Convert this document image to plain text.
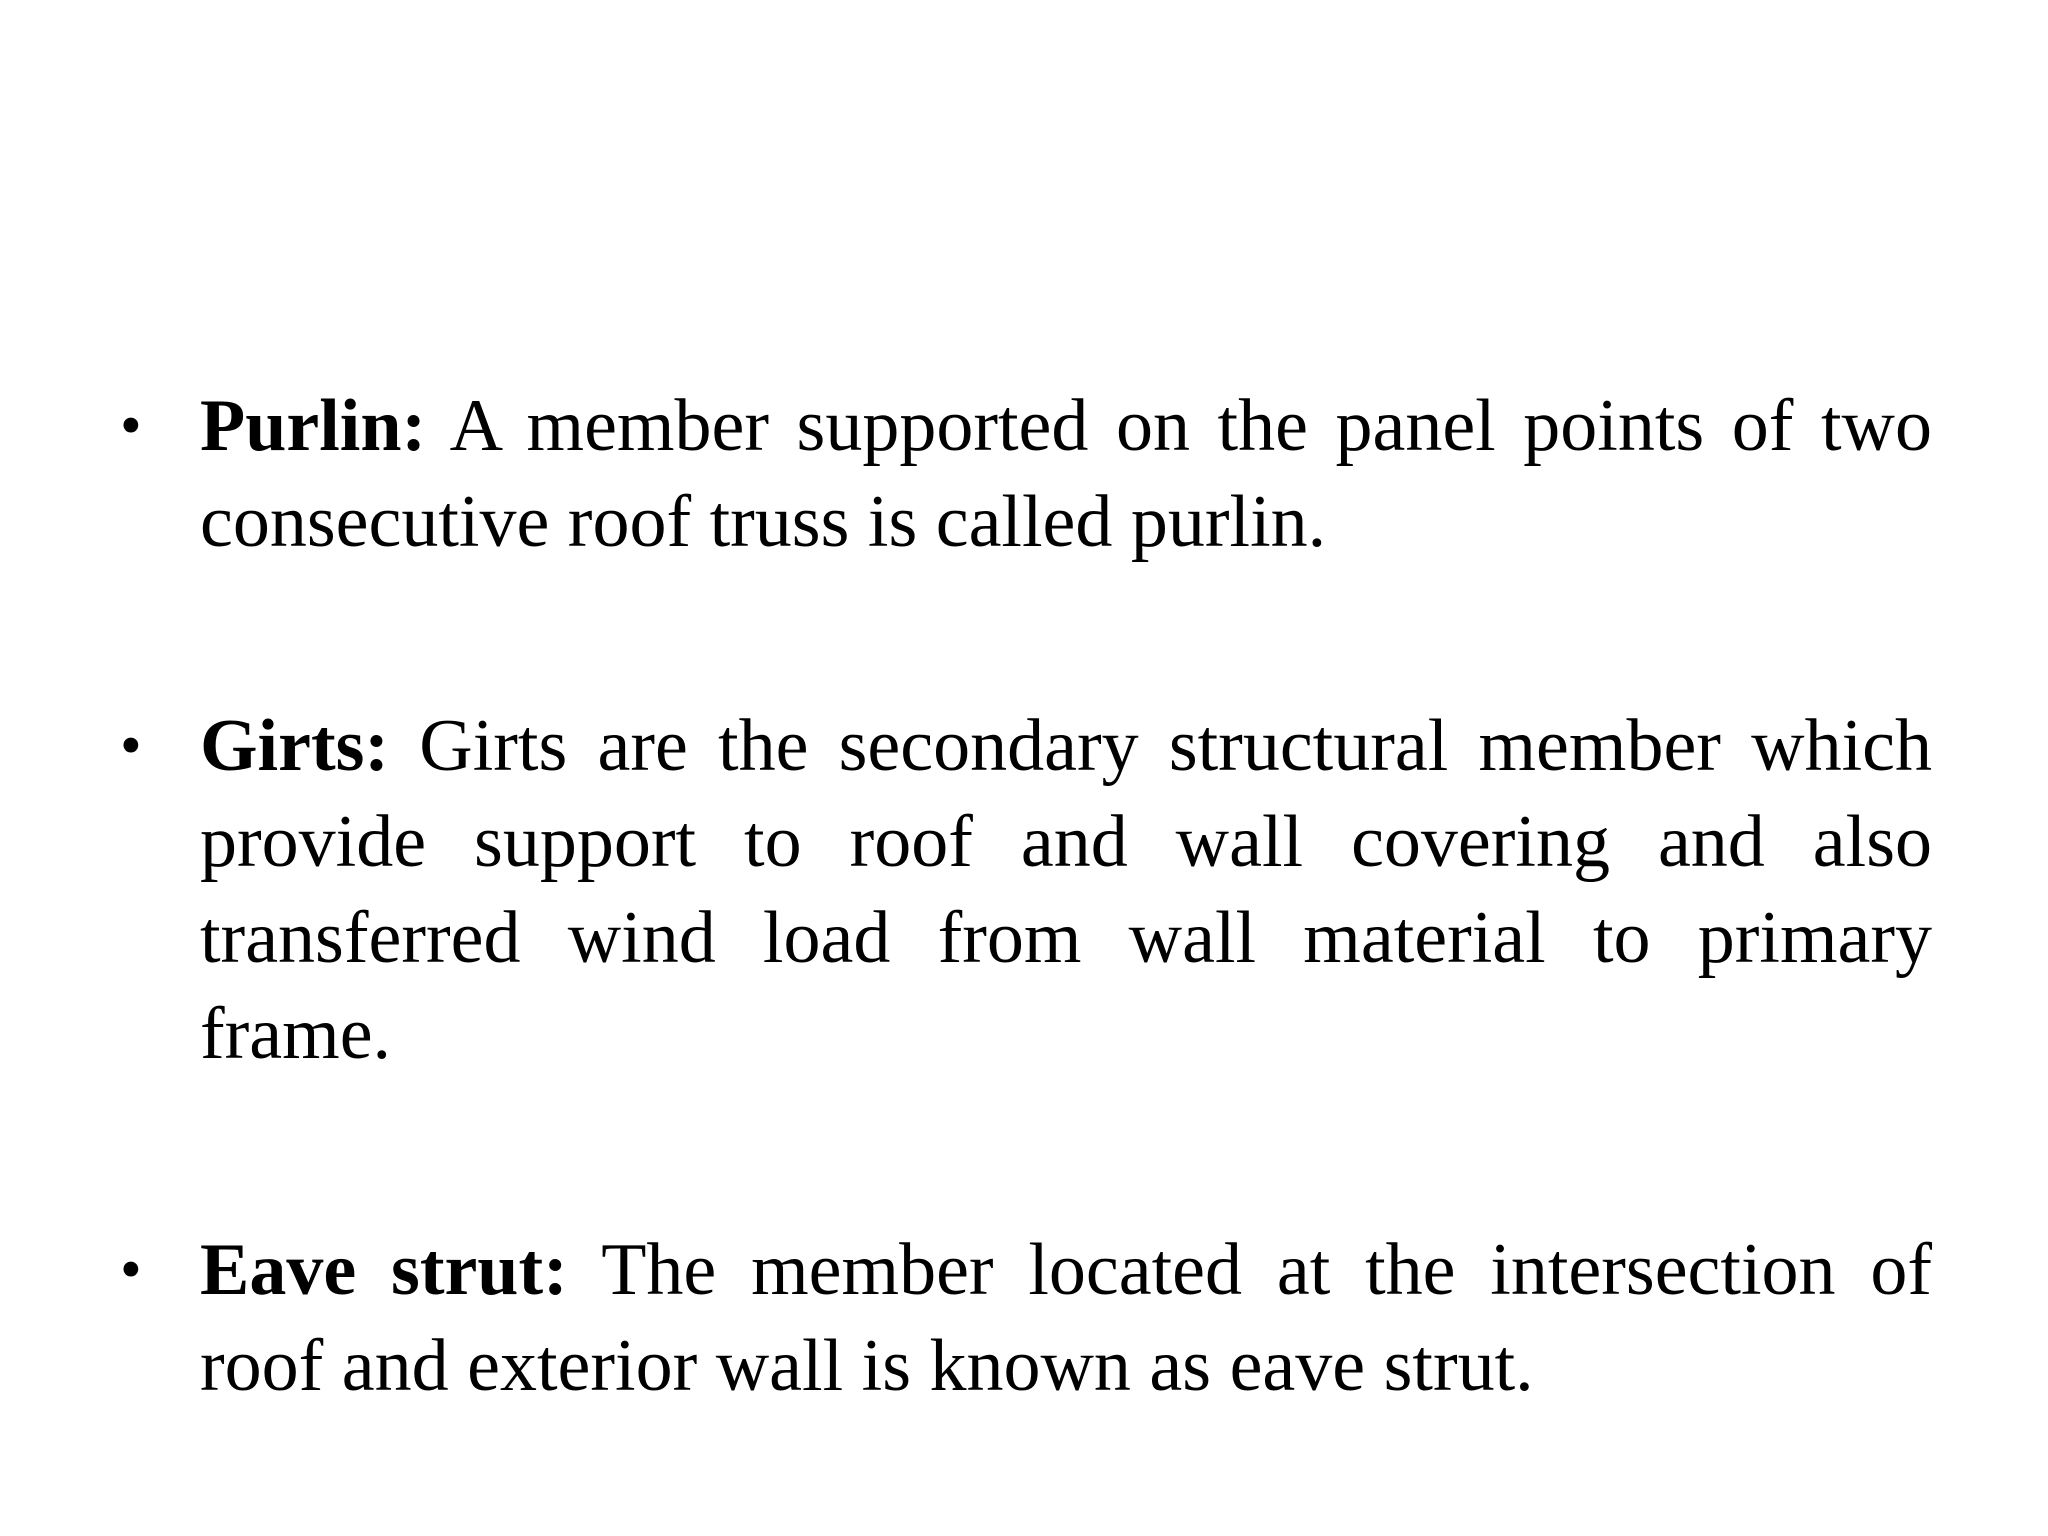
• Purlin: A member supported on the panel points of two consecutive roof truss is called purlin.
• Girts: Girts are the secondary structural member which provide support to roof and wall covering and also transferred wind load from wall material to primary frame.
• Eave strut: The member located at the intersection of roof and exterior wall is known as eave strut.
